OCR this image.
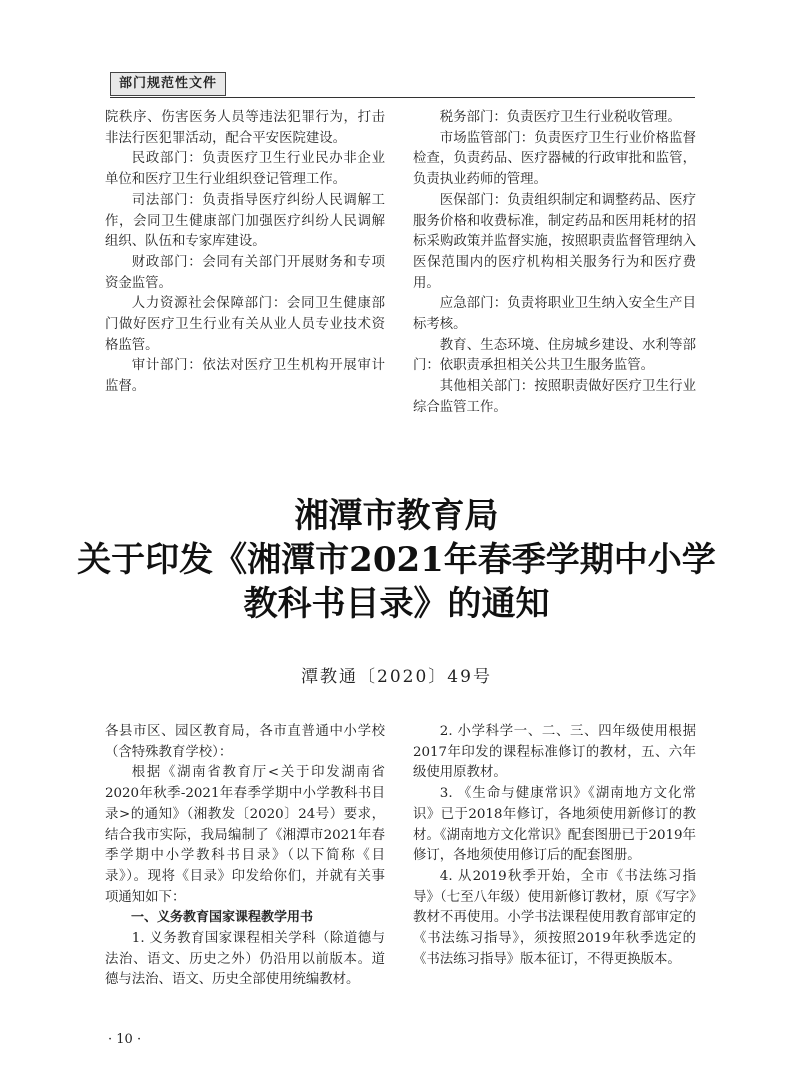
部门规范性文件

院秩序、伤害医务人员等违法犯罪行为，打击非法行医犯罪活动，配合平安医院建设。

民政部门：负责医疗卫生行业民办非企业单位和医疗卫生行业组织登记管理工作。

司法部门：负责指导医疗纠纷人民调解工作，会同卫生健康部门加强医疗纠纷人民调解组织、队伍和专家库建设。

财政部门：会同有关部门开展财务和专项资金监管。

人力资源社会保障部门：会同卫生健康部门做好医疗卫生行业有关从业人员专业技术资格监管。

审计部门：依法对医疗卫生机构开展审计监督。

税务部门：负责医疗卫生行业税收管理。

市场监管部门：负责医疗卫生行业价格监督检查，负责药品、医疗器械的行政审批和监管，负责执业药师的管理。

医保部门：负责组织制定和调整药品、医疗服务价格和收费标准，制定药品和医用耗材的招标采购政策并监督实施，按照职责监督管理纳入医保范围内的医疗机构相关服务行为和医疗费用。

应急部门：负责将职业卫生纳入安全生产目标考核。

教育、生态环境、住房城乡建设、水利等部门：依职责承担相关公共卫生服务监管。

其他相关部门：按照职责做好医疗卫生行业综合监管工作。

湘潭市教育局
关于印发《湘潭市2021年春季学期中小学
教科书目录》的通知
潭教通〔2020〕49号

各县市区、园区教育局，各市直普通中小学校（含特殊教育学校）：

根据《湖南省教育厅<关于印发湖南省2020年秋季-2021年春季学期中小学教科书目录>的通知》（湘教发〔2020〕24号）要求，结合我市实际，我局编制了《湘潭市2021年春季学期中小学教科书目录》（以下简称《目录》）。现将《目录》印发给你们，并就有关事项通知如下：

一、义务教育国家课程教学用书

1. 义务教育国家课程相关学科（除道德与法治、语文、历史之外）仍沿用以前版本。道德与法治、语文、历史全部使用统编教材。

2. 小学科学一、二、三、四年级使用根据2017年印发的课程标准修订的教材，五、六年级使用原教材。

3. 《生命与健康常识》《湖南地方文化常识》已于2018年修订，各地须使用新修订的教材。《湖南地方文化常识》配套图册已于2019年修订，各地须使用修订后的配套图册。

4. 从2019秋季开始，全市《书法练习指导》（七至八年级）使用新修订教材，原《写字》教材不再使用。小学书法课程使用教育部审定的《书法练习指导》，须按照2019年秋季选定的《书法练习指导》版本征订，不得更换版本。

· 10 ·
